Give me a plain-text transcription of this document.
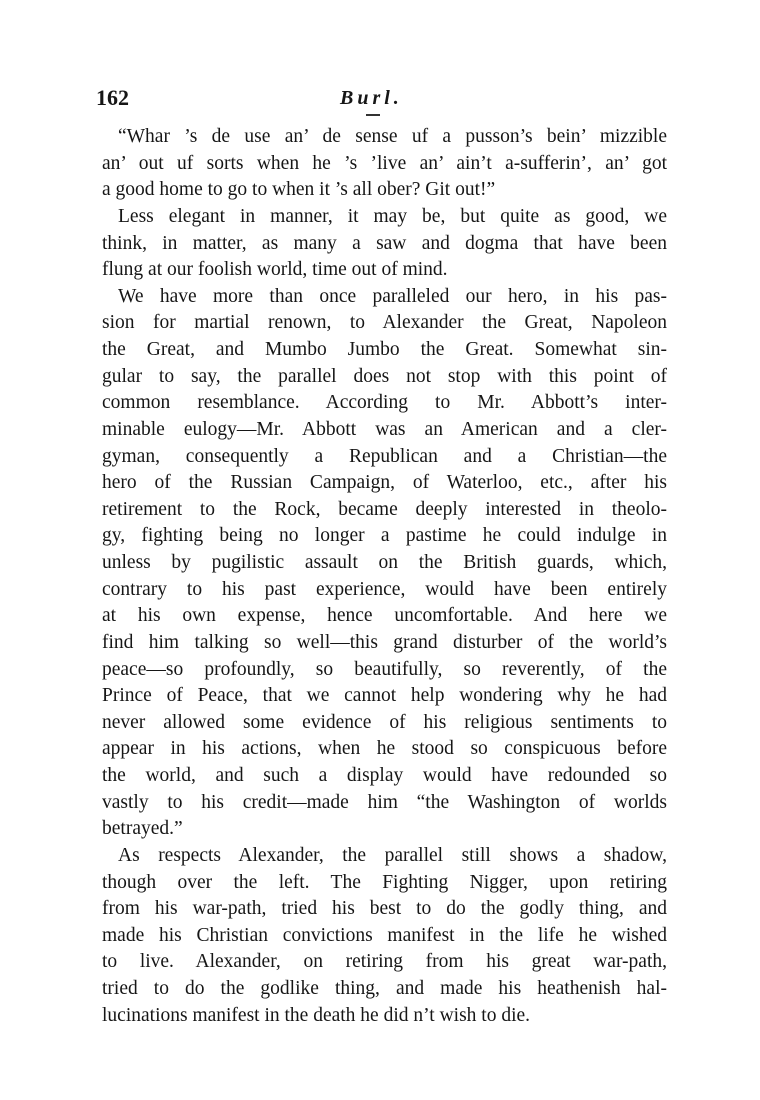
162	Burl.
“Whar ’s de use an’ de sense uf a pusson’s bein’ mizzible
an’ out uf sorts when he ’s ’live an’ ain’t a-sufferin’, an’ got
a good home to go to when it ’s all ober? Git out!”
Less elegant in manner, it may be, but quite as good, we
think, in matter, as many a saw and dogma that have been
flung at our foolish world, time out of mind.
We have more than once paralleled our hero, in his pas-
sion for martial renown, to Alexander the Great, Napoleon
the Great, and Mumbo Jumbo the Great. Somewhat sin-
gular to say, the parallel does not stop with this point of
common resemblance. According to Mr. Abbott’s inter-
minable eulogy—Mr. Abbott was an American and a cler-
gyman, consequently a Republican and a Christian—the
hero of the Russian Campaign, of Waterloo, etc., after his
retirement to the Rock, became deeply interested in theolo-
gy, fighting being no longer a pastime he could indulge in
unless by pugilistic assault on the British guards, which,
contrary to his past experience, would have been entirely
at his own expense, hence uncomfortable. And here we
find him talking so well—this grand disturber of the world’s
peace—so profoundly, so beautifully, so reverently, of the
Prince of Peace, that we cannot help wondering why he had
never allowed some evidence of his religious sentiments to
appear in his actions, when he stood so conspicuous before
the world, and such a display would have redounded so
vastly to his credit—made him “the Washington of worlds
betrayed.”
As respects Alexander, the parallel still shows a shadow,
though over the left. The Fighting Nigger, upon retiring
from his war-path, tried his best to do the godly thing, and
made his Christian convictions manifest in the life he wished
to live. Alexander, on retiring from his great war-path,
tried to do the godlike thing, and made his heathenish hal-
lucinations manifest in the death he did n’t wish to die.
